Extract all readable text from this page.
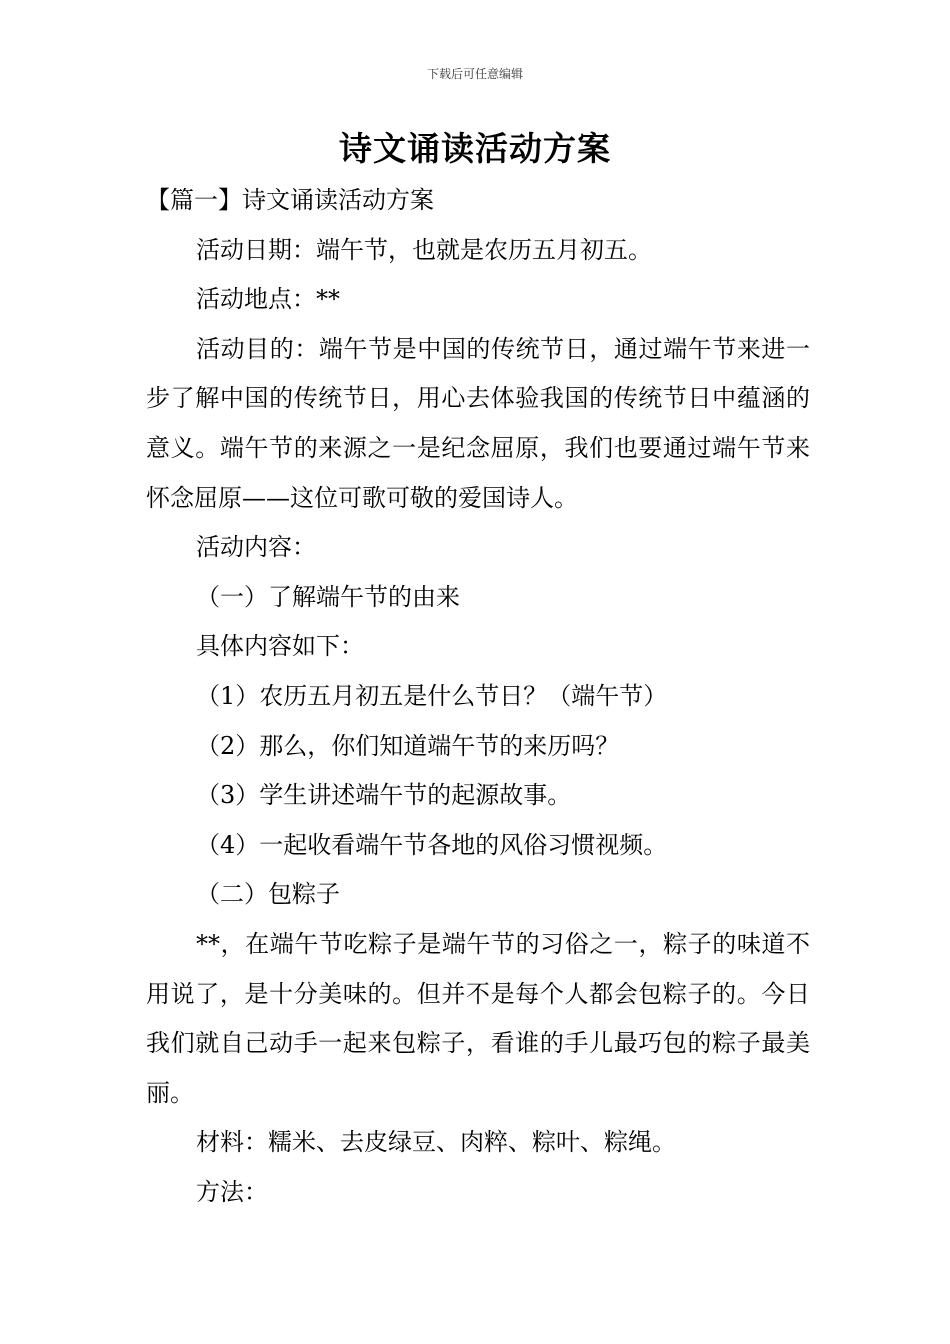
下载后可任意编辑
诗文诵读活动方案

【篇一】诗文诵读活动方案

活动日期：端午节，也就是农历五月初五。

活动地点：**

活动目的：端午节是中国的传统节日，通过端午节来进一步了解中国的传统节日，用心去体验我国的传统节日中蕴涵的意义。端午节的来源之一是纪念屈原，我们也要通过端午节来怀念屈原——这位可歌可敬的爱国诗人。

活动内容：

（一）了解端午节的由来

具体内容如下：

（1）农历五月初五是什么节日？（端午节）

（2）那么，你们知道端午节的来历吗？

（3）学生讲述端午节的起源故事。

（4）一起收看端午节各地的风俗习惯视频。

（二）包粽子

**，在端午节吃粽子是端午节的习俗之一，粽子的味道不用说了，是十分美味的。但并不是每个人都会包粽子的。今日我们就自己动手一起来包粽子，看谁的手儿最巧包的粽子最美丽。

材料：糯米、去皮绿豆、肉粹、粽叶、粽绳。

方法：
